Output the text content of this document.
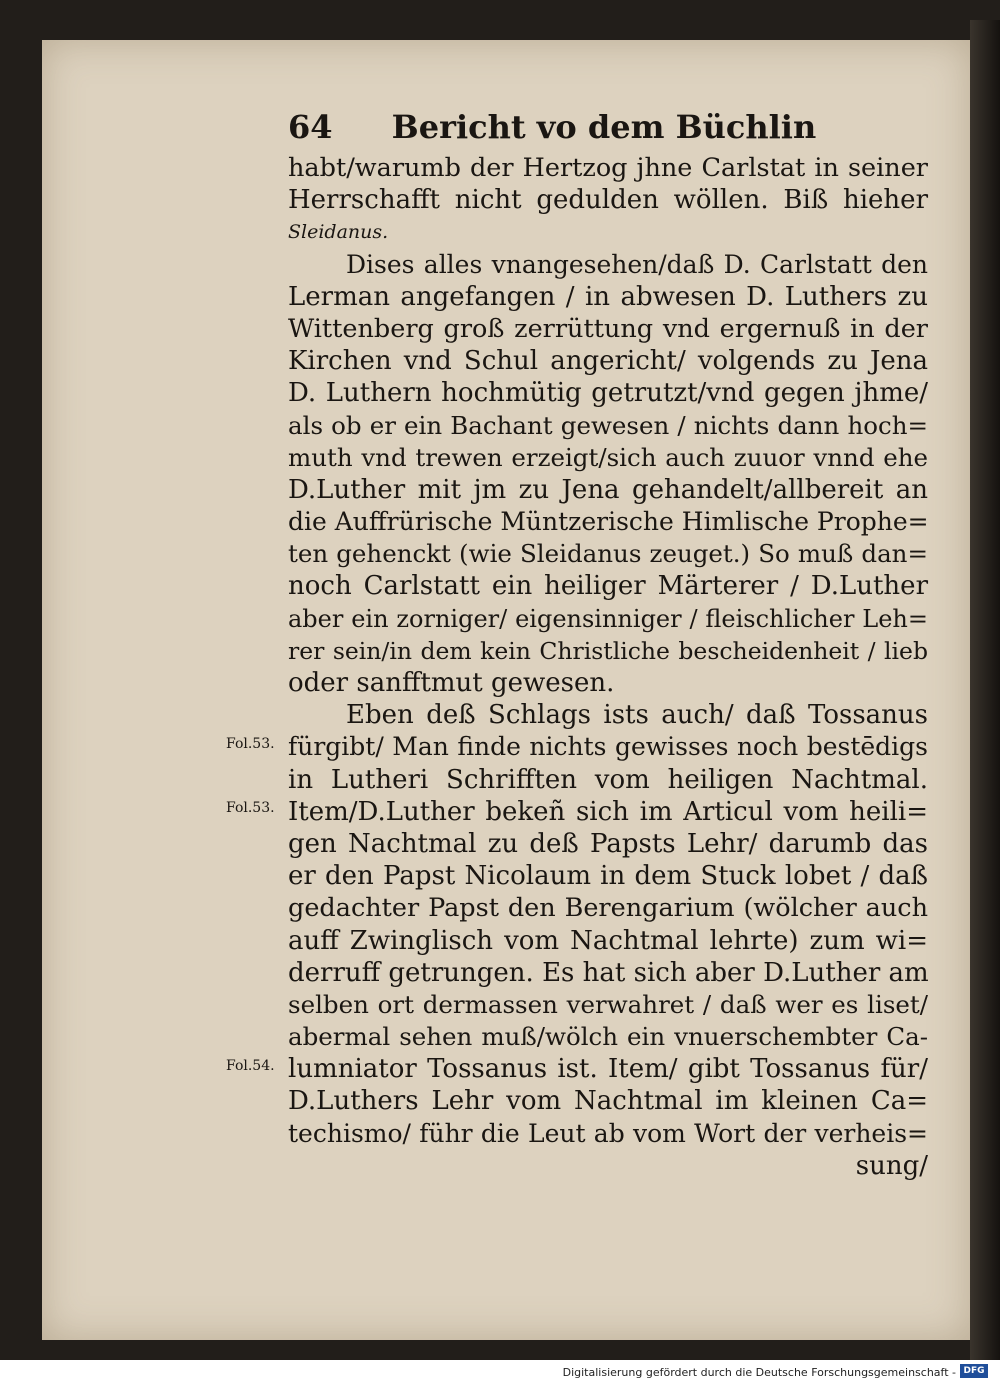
64 Bericht vo dem Büchlin
habt/warumb der Hertzog jhne Carlstat in seiner
Herrschafft nicht gedulden wöllen. Biß hieher
Sleidanus.
Dises alles vnangesehen/daß D. Carlstatt den
Lerman angefangen / in abwesen D. Luthers zu
Wittenberg groß zerrüttung vnd ergernuß in der
Kirchen vnd Schul angericht/ volgends zu Jena
D. Luthern hochmütig getrutzt/vnd gegen jhme/
als ob er ein Bachant gewesen / nichts dann hoch=
muth vnd trewen erzeigt/sich auch zuuor vnnd ehe
D.Luther mit jm zu Jena gehandelt/allbereit an
die Auffrürische Müntzerische Himlische Prophe=
ten gehenckt (wie Sleidanus zeuget.) So muß dan=
noch Carlstatt ein heiliger Märterer / D.Luther
aber ein zorniger/ eigensinniger / fleischlicher Leh=
rer sein/in dem kein Christliche bescheidenheit / lieb
oder sanfftmut gewesen.
Eben deß Schlags ists auch/ daß Tossanus
fürgibt/ Man finde nichts gewisses noch bestēdigs
in Lutheri Schrifften vom heiligen Nachtmal.
Item/D.Luther bekeñ sich im Articul vom heili=
gen Nachtmal zu deß Papsts Lehr/ darumb das
er den Papst Nicolaum in dem Stuck lobet / daß
gedachter Papst den Berengarium (wölcher auch
auff Zwinglisch vom Nachtmal lehrte) zum wi=
derruff getrungen. Es hat sich aber D.Luther am
selben ort dermassen verwahret / daß wer es liset/
abermal sehen muß/wölch ein vnuerschembter Ca-
lumniator Tossanus ist. Item/ gibt Tossanus für/
D.Luthers Lehr vom Nachtmal im kleinen Ca=
techismo/ führ die Leut ab vom Wort der verheis=
sung/
Fol.53.
Fol.53.
Fol.54.
Digitalisierung gefördert durch die Deutsche Forschungsgemeinschaft - DFG
